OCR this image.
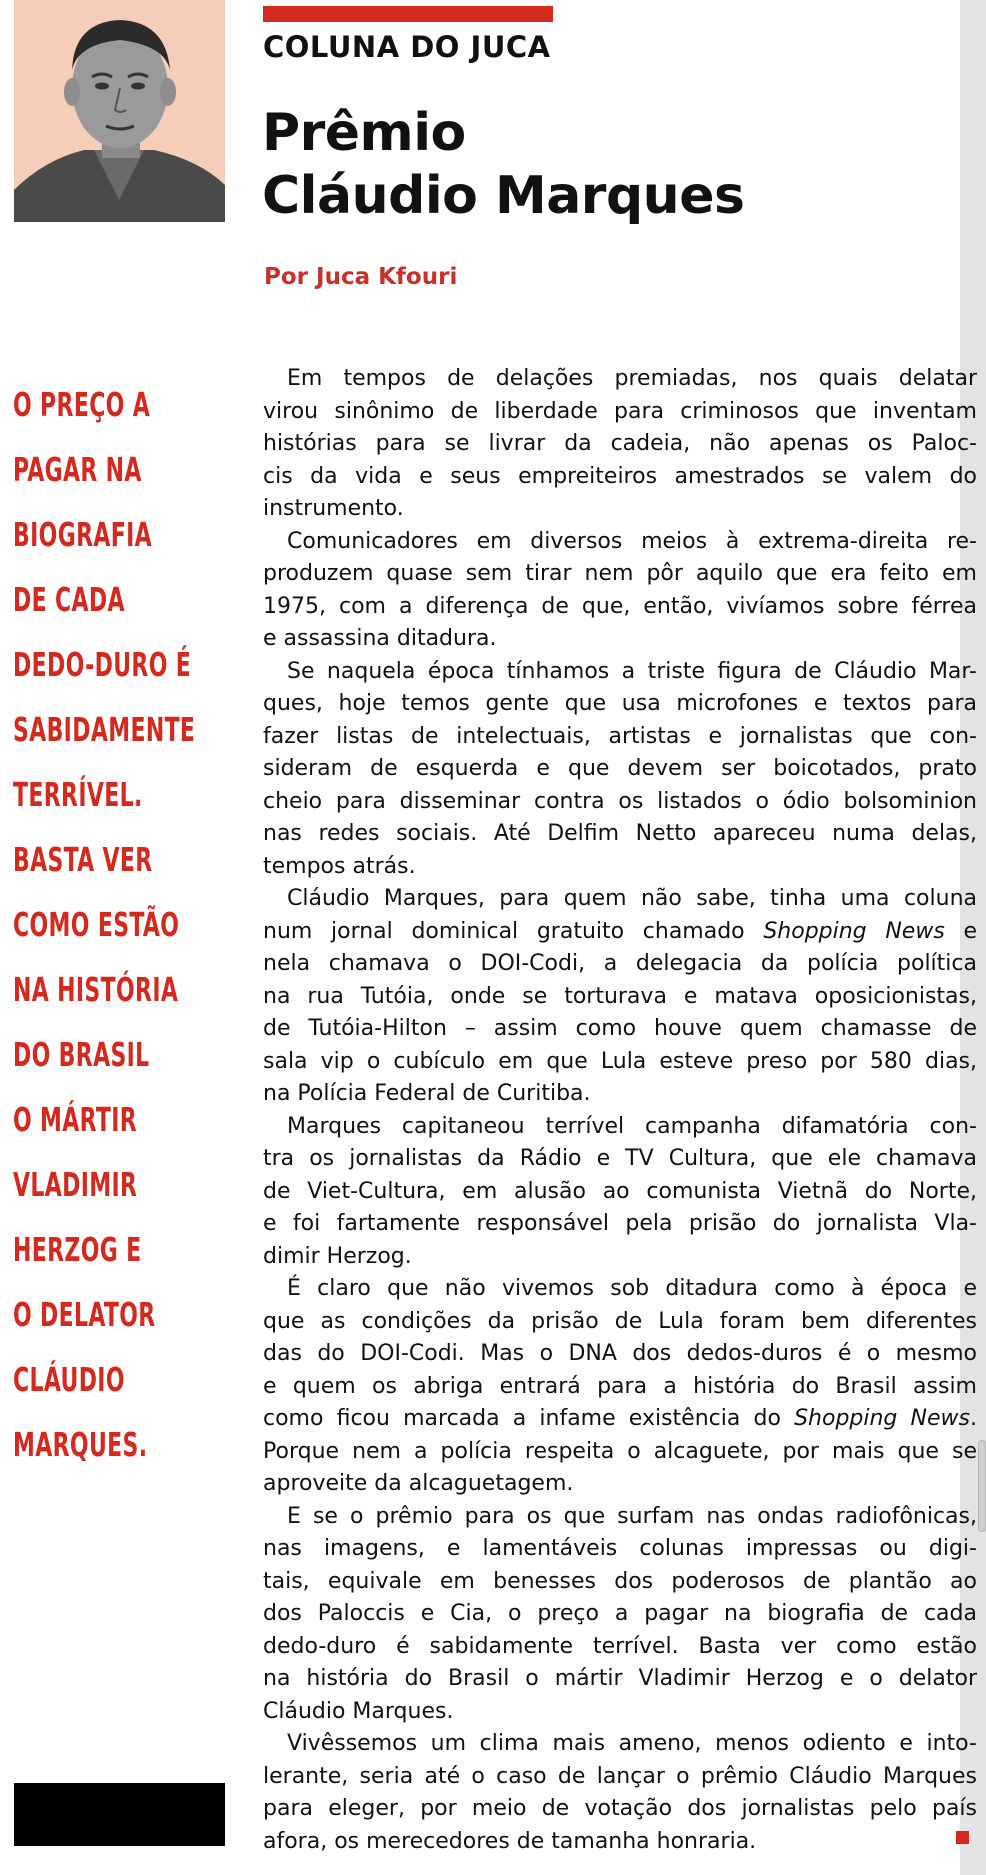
COLUNA DO JUCA
Prêmio
Cláudio Marques
Por Juca Kfouri
O PREÇO A
PAGAR NA
BIOGRAFIA
DE CADA
DEDO-DURO É
SABIDAMENTE
TERRÍVEL.
BASTA VER
COMO ESTÃO
NA HISTÓRIA
DO BRASIL
O MÁRTIR
VLADIMIR
HERZOG E
O DELATOR
CLÁUDIO
MARQUES.

Em tempos de delações premiadas, nos quais delatar
virou sinônimo de liberdade para criminosos que inventam
histórias para se livrar da cadeia, não apenas os Paloc-
cis da vida e seus empreiteiros amestrados se valem do
instrumento.

Comunicadores em diversos meios à extrema-direita re-
produzem quase sem tirar nem pôr aquilo que era feito em
1975, com a diferença de que, então, vivíamos sobre férrea
e assassina ditadura.

Se naquela época tínhamos a triste figura de Cláudio Mar-
ques, hoje temos gente que usa microfones e textos para
fazer listas de intelectuais, artistas e jornalistas que con-
sideram de esquerda e que devem ser boicotados, prato
cheio para disseminar contra os listados o ódio bolsominion
nas redes sociais. Até Delfim Netto apareceu numa delas,
tempos atrás.

Cláudio Marques, para quem não sabe, tinha uma coluna
num jornal dominical gratuito chamado Shopping News e
nela chamava o DOI-Codi, a delegacia da polícia política
na rua Tutóia, onde se torturava e matava oposicionistas,
de Tutóia-Hilton – assim como houve quem chamasse de
sala vip o cubículo em que Lula esteve preso por 580 dias,
na Polícia Federal de Curitiba.

Marques capitaneou terrível campanha difamatória con-
tra os jornalistas da Rádio e TV Cultura, que ele chamava
de Viet-Cultura, em alusão ao comunista Vietnã do Norte,
e foi fartamente responsável pela prisão do jornalista Vla-
dimir Herzog.

É claro que não vivemos sob ditadura como à época e
que as condições da prisão de Lula foram bem diferentes
das do DOI-Codi. Mas o DNA dos dedos-duros é o mesmo
e quem os abriga entrará para a história do Brasil assim
como ficou marcada a infame existência do Shopping News.
Porque nem a polícia respeita o alcaguete, por mais que se
aproveite da alcaguetagem.

E se o prêmio para os que surfam nas ondas radiofônicas,
nas imagens, e lamentáveis colunas impressas ou digi-
tais, equivale em benesses dos poderosos de plantão ao
dos Paloccis e Cia, o preço a pagar na biografia de cada
dedo-duro é sabidamente terrível. Basta ver como estão
na história do Brasil o mártir Vladimir Herzog e o delator
Cláudio Marques.

Vivêssemos um clima mais ameno, menos odiento e into-
lerante, seria até o caso de lançar o prêmio Cláudio Marques
para eleger, por meio de votação dos jornalistas pelo país
afora, os merecedores de tamanha honraria.
